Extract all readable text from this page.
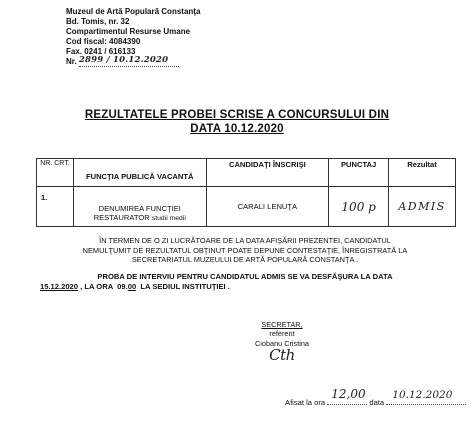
Muzeul de Artă Populară Constanţa
Bd. Tomis, nr. 32
Compartimentul Resurse Umane
Cod fiscal: 4084390
Fax. 0241 / 616133
Nr. 2899 / 10.12.2020
REZULTATELE PROBEI SCRISE A CONCURSULUI DIN
DATA 10.12.2020
NR. CRT.	FUNCŢIA PUBLICĂ VACANTĂ	CANDIDAŢI ÎNSCRIŞI	PUNCTAJ	Rezultat
1.	DENUMIREA FUNCŢIEI
RESTAURATOR studii medii	CARALI LENUŢA	100 p	ADMIS
ÎN TERMEN DE O ZI LUCRĂTOARE DE LA DATA AFIŞĂRII PREZENTEI, CANDIDATUL
NEMULŢUMIT DE REZULTATUL OBŢINUT POATE DEPUNE CONTESTAŢIE, ÎNREGISTRATĂ LA
SECRETARIATUL MUZEULUI DE ARTĂ POPULARĂ CONSTANŢA .
PROBA DE INTERVIU PENTRU CANDIDATUL ADMIS SE VA DESFĂŞURA LA DATA
15.12.2020 , LA ORA 09.00 LA SEDIUL INSTITUŢIEI .
SECRETAR,
referent
Ciobanu Cristina
Cth
Afisat la ora
12,00
data
10.12.2020
